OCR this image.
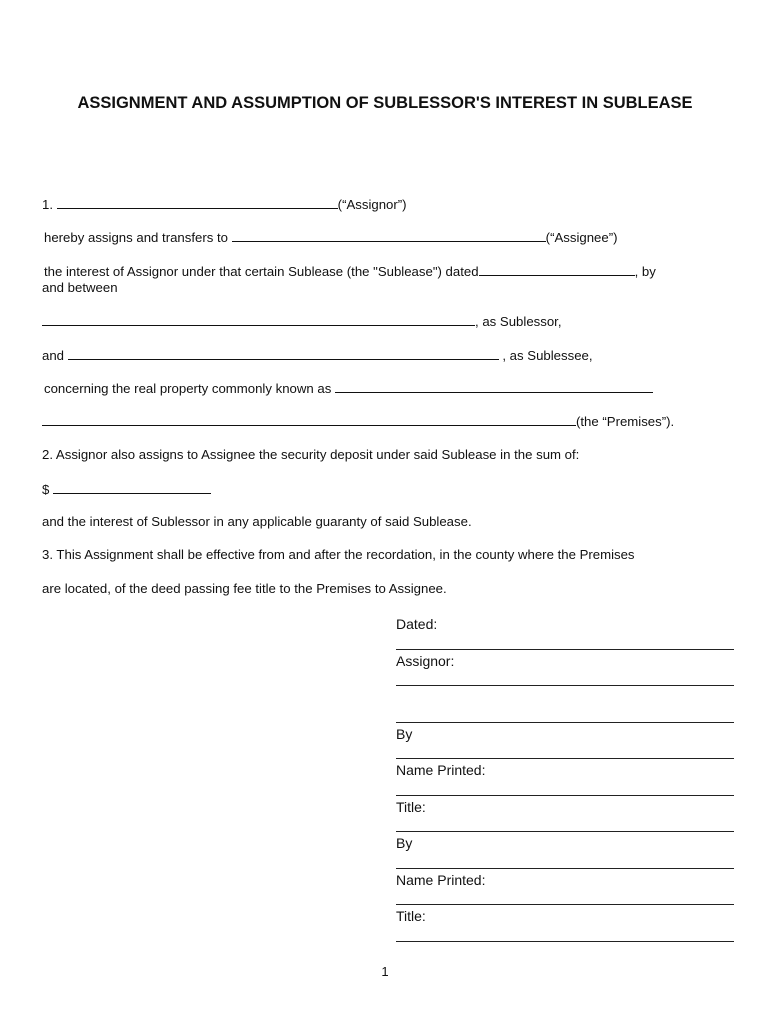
ASSIGNMENT AND ASSUMPTION OF SUBLESSOR'S INTEREST IN SUBLEASE
1.	(“Assignor”)
hereby assigns and transfers to	(“Assignee”)
the interest of Assignor under that certain Sublease (the "Sublease") dated	, by
and between
, as Sublessor,
and	, as Sublessee,
concerning the real property commonly known as
(the “Premises”).
2. Assignor also assigns to Assignee the security deposit under said Sublease in the sum of:
$
and the interest of Sublessor in any applicable guaranty of said Sublease.
3. This Assignment shall be effective from and after the recordation, in the county where the Premises
are located, of the deed passing fee title to the Premises to Assignee.
Dated:
Assignor:
By
Name Printed:
Title:
By
Name Printed:
Title:
1
